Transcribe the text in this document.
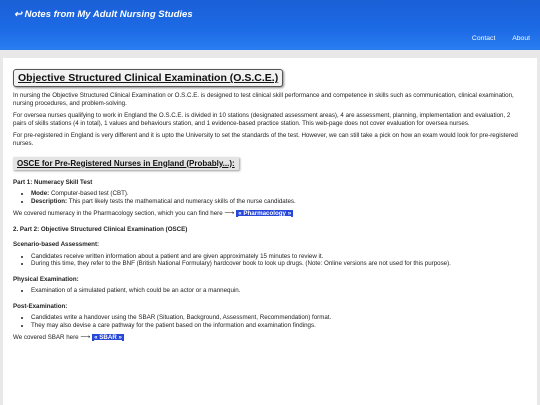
↩ Notes from My Adult Nursing Studies
Contact About
Objective Structured Clinical Examination (O.S.C.E.)

In nursing the Objective Structured Clinical Examination or O.S.C.E. is designed to test clinical skill performance and competence in skills such as communication, clinical examination, nursing procedures, and problem-solving.

For oversea nurses qualifying to work in England the O.S.C.E. is divided in 10 stations (designated assessment areas), 4 are assessment, planning, implementation and evaluation, 2 pairs of skills stations (4 in total), 1 values and behaviours station, and 1 evidence-based practice station. This web-page does not cover evaluation for oversea nurses.

For pre-registered in England is very different and it is upto the University to set the standards of the test. However, we can still take a pick on how an exam would look for pre-registered nurses.

OSCE for Pre-Registered Nurses in England (Probably...):

Part 1: Numeracy Skill Test

• Mode: Computer-based test (CBT).
• Description: This part likely tests the mathematical and numeracy skills of the nurse candidates.

We covered numeracy in the Pharmacology section, which you can find here ⟶ « Pharmacology »

2. Part 2: Objective Structured Clinical Examination (OSCE)

Scenario-based Assessment:

• Candidates receive written information about a patient and are given approximately 15 minutes to review it.
• During this time, they refer to the BNF (British National Formulary) hardcover book to look up drugs. (Note: Online versions are not used for this purpose).

Physical Examination:

• Examination of a simulated patient, which could be an actor or a mannequin.

Post-Examination:

• Candidates write a handover using the SBAR (Situation, Background, Assessment, Recommendation) format.
• They may also devise a care pathway for the patient based on the information and examination findings.

We covered SBAR here ⟶ « SBAR »
